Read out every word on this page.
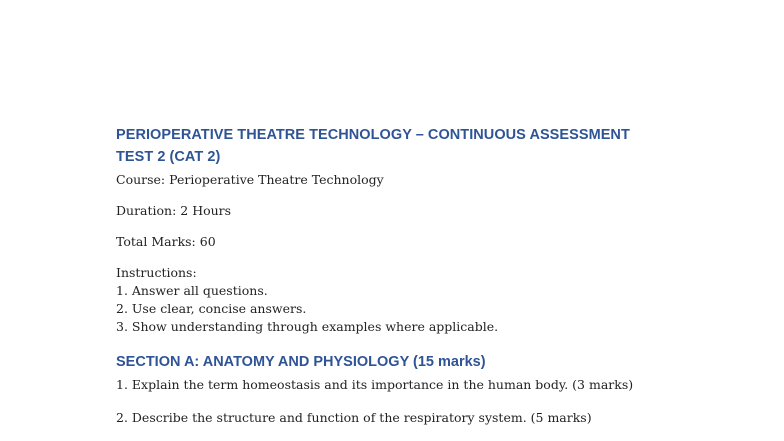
PERIOPERATIVE THEATRE TECHNOLOGY – CONTINUOUS ASSESSMENT
TEST 2 (CAT 2)

Course: Perioperative Theatre Technology

Duration: 2 Hours

Total Marks: 60

Instructions:

1. Answer all questions.

2. Use clear, concise answers.

3. Show understanding through examples where applicable.

SECTION A: ANATOMY AND PHYSIOLOGY (15 marks)

1. Explain the term homeostasis and its importance in the human body. (3 marks)

2. Describe the structure and function of the respiratory system. (5 marks)
